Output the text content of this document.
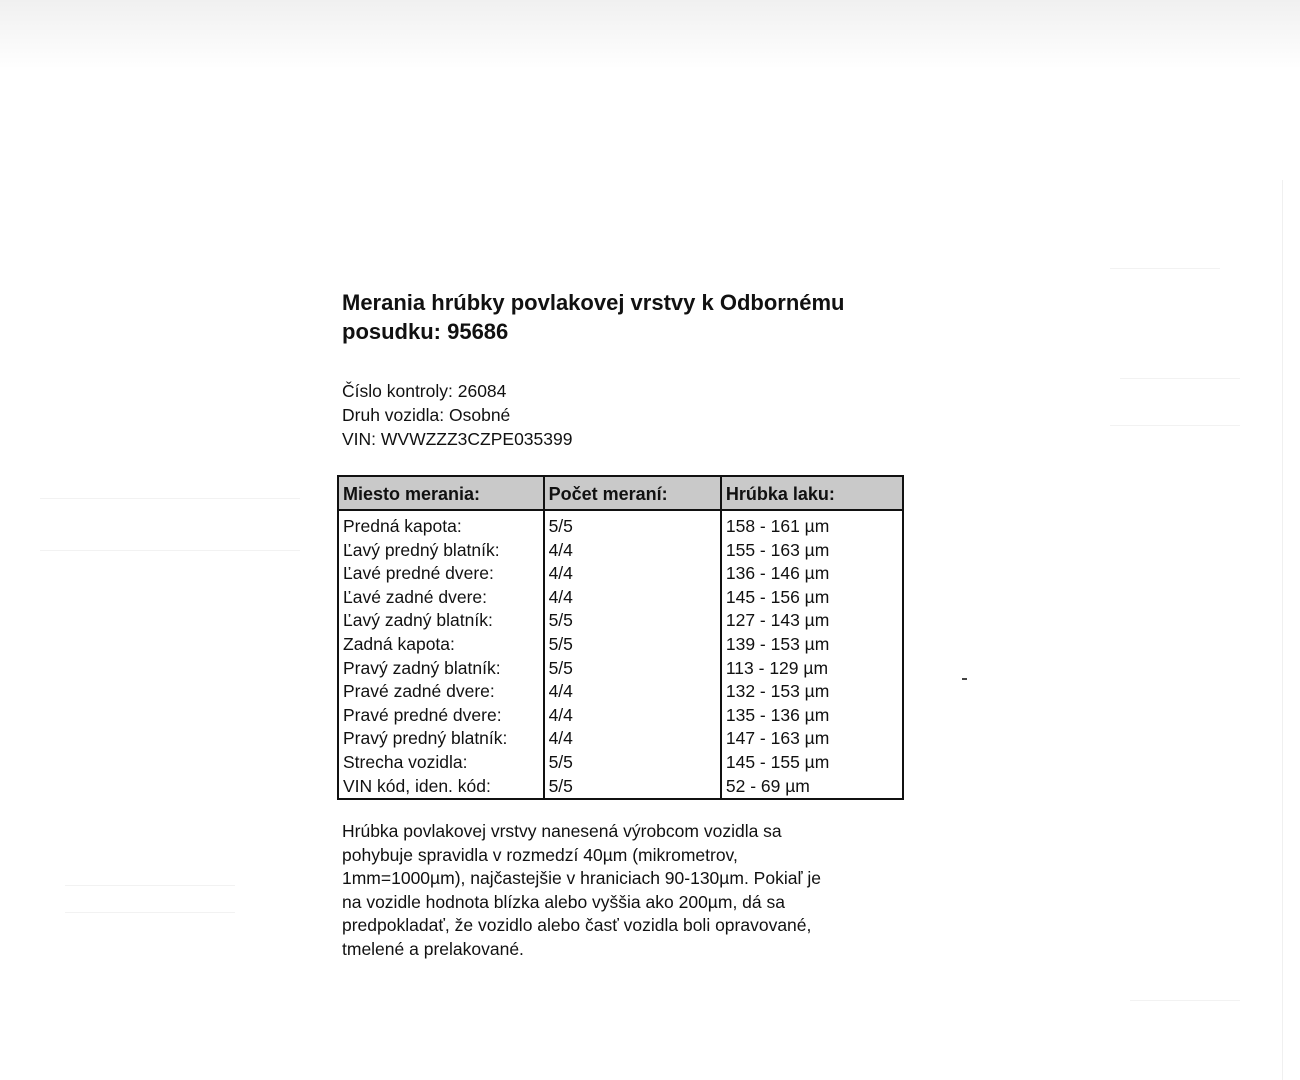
Merania hrúbky povlakovej vrstvy k Odbornému
posudku: 95686
Číslo kontroly: 26084
Druh vozidla: Osobné
VIN: WVWZZZ3CZPE035399
Miesto merania:	Počet meraní:	Hrúbka laku:
Predná kapota:	5/5	158 - 161 µm
Ľavý predný blatník:	4/4	155 - 163 µm
Ľavé predné dvere:	4/4	136 - 146 µm
Ľavé zadné dvere:	4/4	145 - 156 µm
Ľavý zadný blatník:	5/5	127 - 143 µm
Zadná kapota:	5/5	139 - 153 µm
Pravý zadný blatník:	5/5	113 - 129 µm
Pravé zadné dvere:	4/4	132 - 153 µm
Pravé predné dvere:	4/4	135 - 136 µm
Pravý predný blatník:	4/4	147 - 163 µm
Strecha vozidla:	5/5	145 - 155 µm
VIN kód, iden. kód:	5/5	52 - 69 µm

Hrúbka povlakovej vrstvy nanesená výrobcom vozidla sa
pohybuje spravidla v rozmedzí 40µm (mikrometrov,
1mm=1000µm), najčastejšie v hraniciach 90-130µm. Pokiaľ je
na vozidle hodnota blízka alebo vyššia ako 200µm, dá sa
predpokladať, že vozidlo alebo časť vozidla boli opravované,
tmelené a prelakované.
